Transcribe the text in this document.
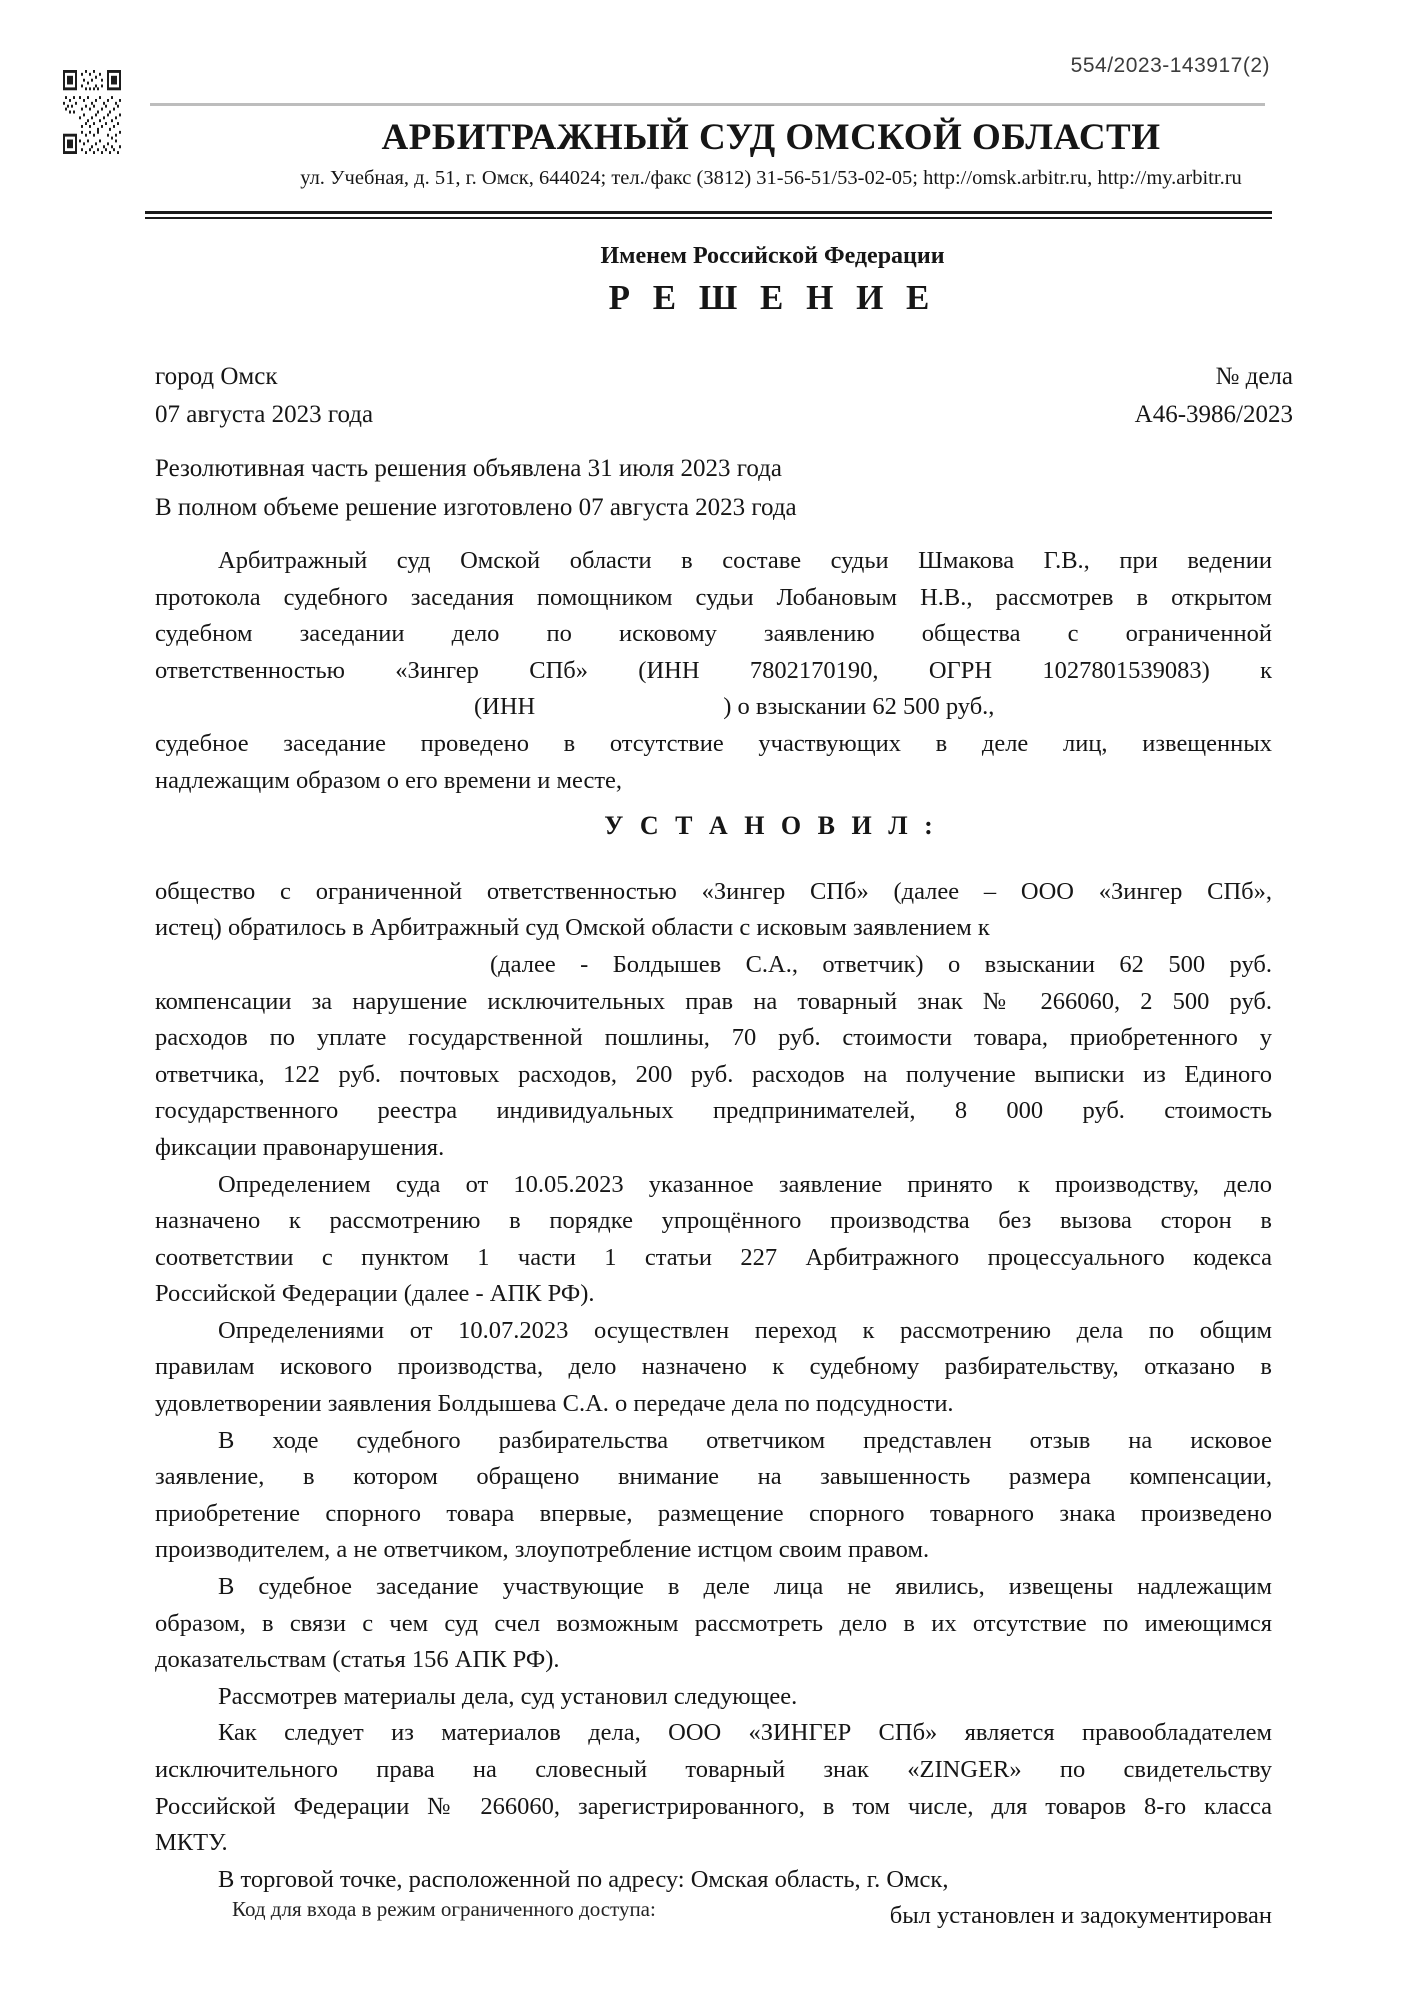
554/2023-143917(2)
АРБИТРАЖНЫЙ СУД ОМСКОЙ ОБЛАСТИ
ул. Учебная, д. 51, г. Омск, 644024; тел./факс (3812) 31-56-51/53-02-05; http://omsk.arbitr.ru, http://my.arbitr.ru
Именем Российской Федерации
Р Е Ш Е Н И Е
город Омск	№ дела
07 августа 2023 года	А46-3986/2023
Резолютивная часть решения объявлена 31 июля 2023 года
В полном объеме решение изготовлено 07 августа 2023 года
Арбитражный суд Омской области в составе судьи Шмакова Г.В., при ведении
протокола судебного заседания помощником судьи Лобановым Н.В., рассмотрев в открытом
судебном заседании дело по исковому заявлению общества с ограниченной
ответственностью «Зингер СПб» (ИНН 7802170190, ОГРН 1027801539083) к
(ИНН	) о взыскании 62 500 руб.,
судебное заседание проведено в отсутствие участвующих в деле лиц, извещенных
надлежащим образом о его времени и месте,
У С Т А Н О В И Л :
общество с ограниченной ответственностью «Зингер СПб» (далее – ООО «Зингер СПб»,
истец) обратилось в Арбитражный суд Омской области с исковым заявлением к
(далее - Болдышев С.А., ответчик) о взыскании 62 500 руб.
компенсации за нарушение исключительных прав на товарный знак № 266060, 2 500 руб.
расходов по уплате государственной пошлины, 70 руб. стоимости товара, приобретенного у
ответчика, 122 руб. почтовых расходов, 200 руб. расходов на получение выписки из Единого
государственного реестра индивидуальных предпринимателей, 8 000 руб. стоимость
фиксации правонарушения.
Определением суда от 10.05.2023 указанное заявление принято к производству, дело
назначено к рассмотрению в порядке упрощённого производства без вызова сторон в
соответствии с пунктом 1 части 1 статьи 227 Арбитражного процессуального кодекса
Российской Федерации (далее - АПК РФ).
Определениями от 10.07.2023 осуществлен переход к рассмотрению дела по общим
правилам искового производства, дело назначено к судебному разбирательству, отказано в
удовлетворении заявления Болдышева С.А. о передаче дела по подсудности.
В ходе судебного разбирательства ответчиком представлен отзыв на исковое
заявление, в котором обращено внимание на завышенность размера компенсации,
приобретение спорного товара впервые, размещение спорного товарного знака произведено
производителем, а не ответчиком, злоупотребление истцом своим правом.
В судебное заседание участвующие в деле лица не явились, извещены надлежащим
образом, в связи с чем суд счел возможным рассмотреть дело в их отсутствие по имеющимся
доказательствам (статья 156 АПК РФ).
Рассмотрев материалы дела, суд установил следующее.
Как следует из материалов дела, ООО «ЗИНГЕР СПб» является правообладателем
исключительного права на словесный товарный знак «ZINGER» по свидетельству
Российской Федерации № 266060, зарегистрированного, в том числе, для товаров 8-го класса
МКТУ.
В торговой точке, расположенной по адресу: Омская область, г. Омск,
был установлен и задокументирован
Код для входа в режим ограниченного доступа:
